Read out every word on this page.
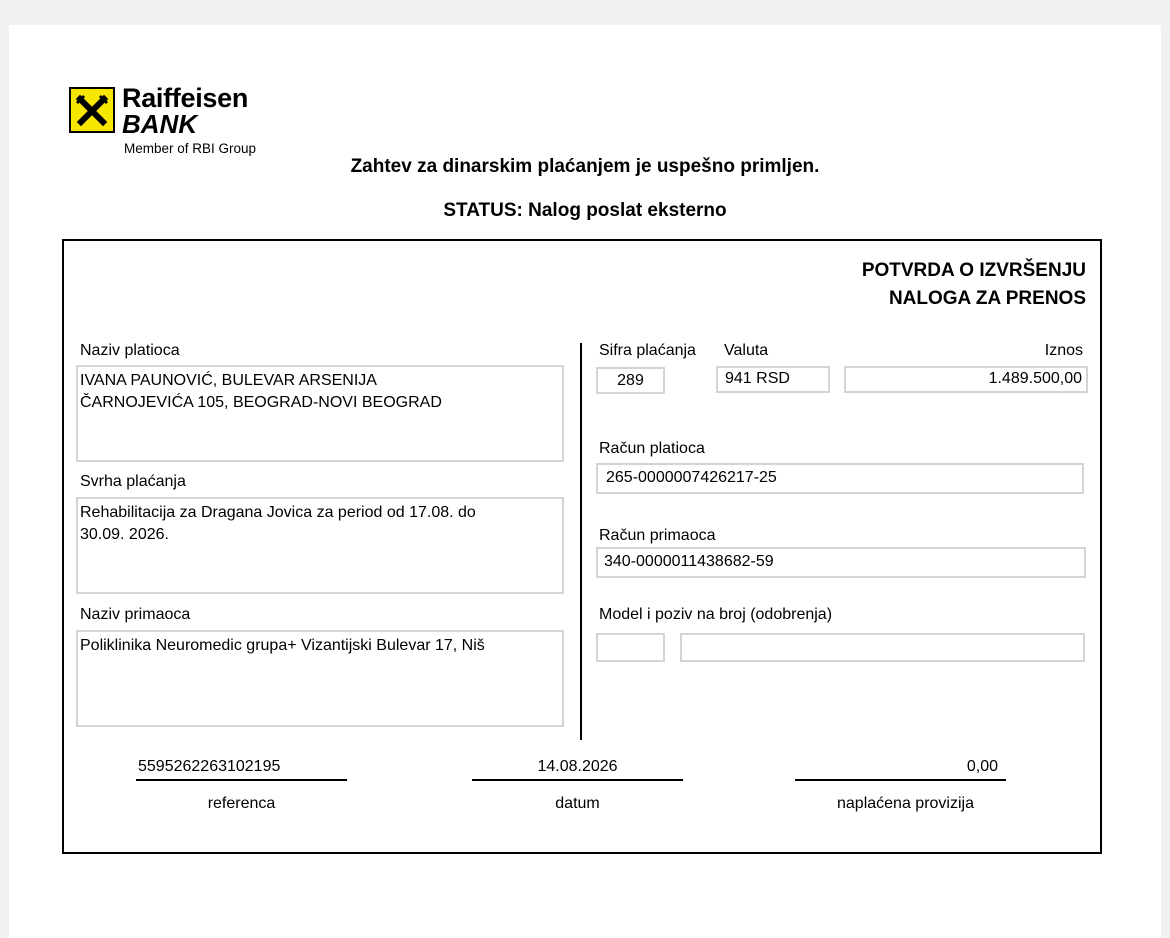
Raiffeisen
BANK
Member of RBI Group
Zahtev za dinarskim plaćanjem je uspešno primljen.
STATUS: Nalog poslat eksterno
POTVRDA O IZVRŠENJU
NALOGA ZA PRENOS
Naziv platioca
IVANA PAUNOVIĆ, BULEVAR ARSENIJA
ČARNOJEVIĆA 105, BEOGRAD-NOVI BEOGRAD
Svrha plaćanja
Rehabilitacija za Dragana Jovica za period od 17.08. do
30.09. 2026.
Naziv primaoca
Poliklinika Neuromedic grupa+ Vizantijski Bulevar 17, Niš
Sifra plaćanja Valuta	Iznos
289	941 RSD	1.489.500,00
Račun platioca
265-0000007426217-25
Račun primaoca
340-0000011438682-59
Model i poziv na broj (odobrenja)
5595262263102195
referenca
14.08.2026
datum
0,00
naplaćena provizija
